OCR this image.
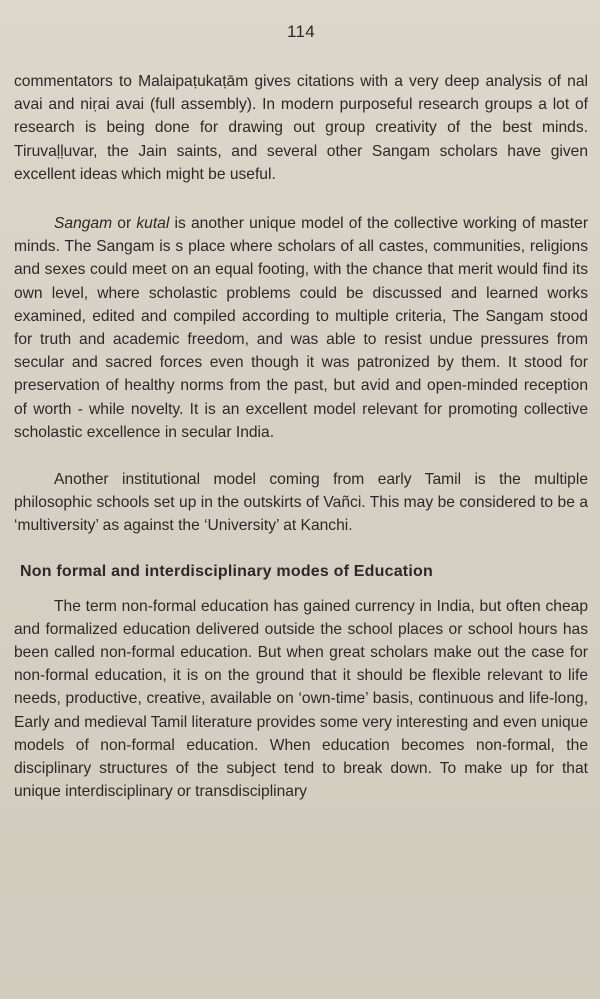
114

commentators to Malaipaṭukaṭām gives citations with a very deep analysis of nal avai and niṛai avai (full assembly). In modern purposeful research groups a lot of research is being done for drawing out group creativity of the best minds. Tiruvaḷḷuvar, the Jain saints, and several other Sangam scholars have given excellent ideas which might be useful.

Sangam or kutal is another unique model of the collective working of master minds. The Sangam is s place where scholars of all castes, communities, religions and sexes could meet on an equal footing, with the chance that merit would find its own level, where scholastic problems could be discussed and learned works examined, edited and compiled according to multiple criteria, The Sangam stood for truth and academic freedom, and was able to resist undue pressures from secular and sacred forces even though it was patronized by them. It stood for preservation of healthy norms from the past, but avid and open-minded reception of worth - while novelty. It is an excellent model relevant for promoting collective scholastic excellence in secular India.

Another institutional model coming from early Tamil is the multiple philosophic schools set up in the outskirts of Vañci. This may be considered to be a ‘multiversity’ as against the ‘University’ at Kanchi.

Non formal and interdisciplinary modes of Education

The term non-formal education has gained currency in India, but often cheap and formalized education delivered outside the school places or school hours has been called non-formal education. But when great scholars make out the case for non-formal education, it is on the ground that it should be flexible relevant to life needs, productive, creative, available on ‘own-time’ basis, continuous and life-long, Early and medieval Tamil literature provides some very interesting and even unique models of non-formal education. When education becomes non-formal, the disciplinary structures of the subject tend to break down. To make up for that unique interdisciplinary or transdisciplinary
